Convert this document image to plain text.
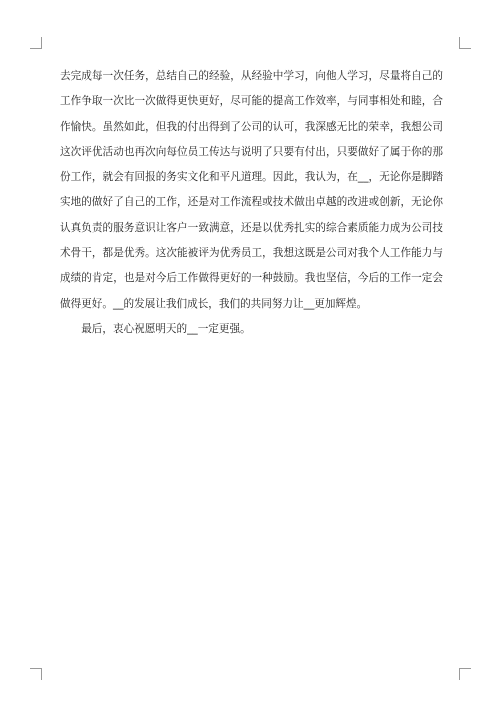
去完成每一次任务，总结自己的经验，从经验中学习，向他人学习，尽量将自己的工作争取一次比一次做得更快更好，尽可能的提高工作效率，与同事相处和睦，合作愉快。虽然如此，但我的付出得到了公司的认可，我深感无比的荣幸，我想公司这次评优活动也再次向每位员工传达与说明了只要有付出，只要做好了属于你的那份工作，就会有回报的务实文化和平凡道理。因此，我认为，在__，无论你是脚踏实地的做好了自己的工作，还是对工作流程或技术做出卓越的改进或创新，无论你认真负责的服务意识让客户一致满意，还是以优秀扎实的综合素质能力成为公司技术骨干，都是优秀。这次能被评为优秀员工，我想这既是公司对我个人工作能力与成绩的肯定，也是对今后工作做得更好的一种鼓励。我也坚信，今后的工作一定会做得更好。__的发展让我们成长，我们的共同努力让__更加辉煌。

最后，衷心祝愿明天的__一定更强。
